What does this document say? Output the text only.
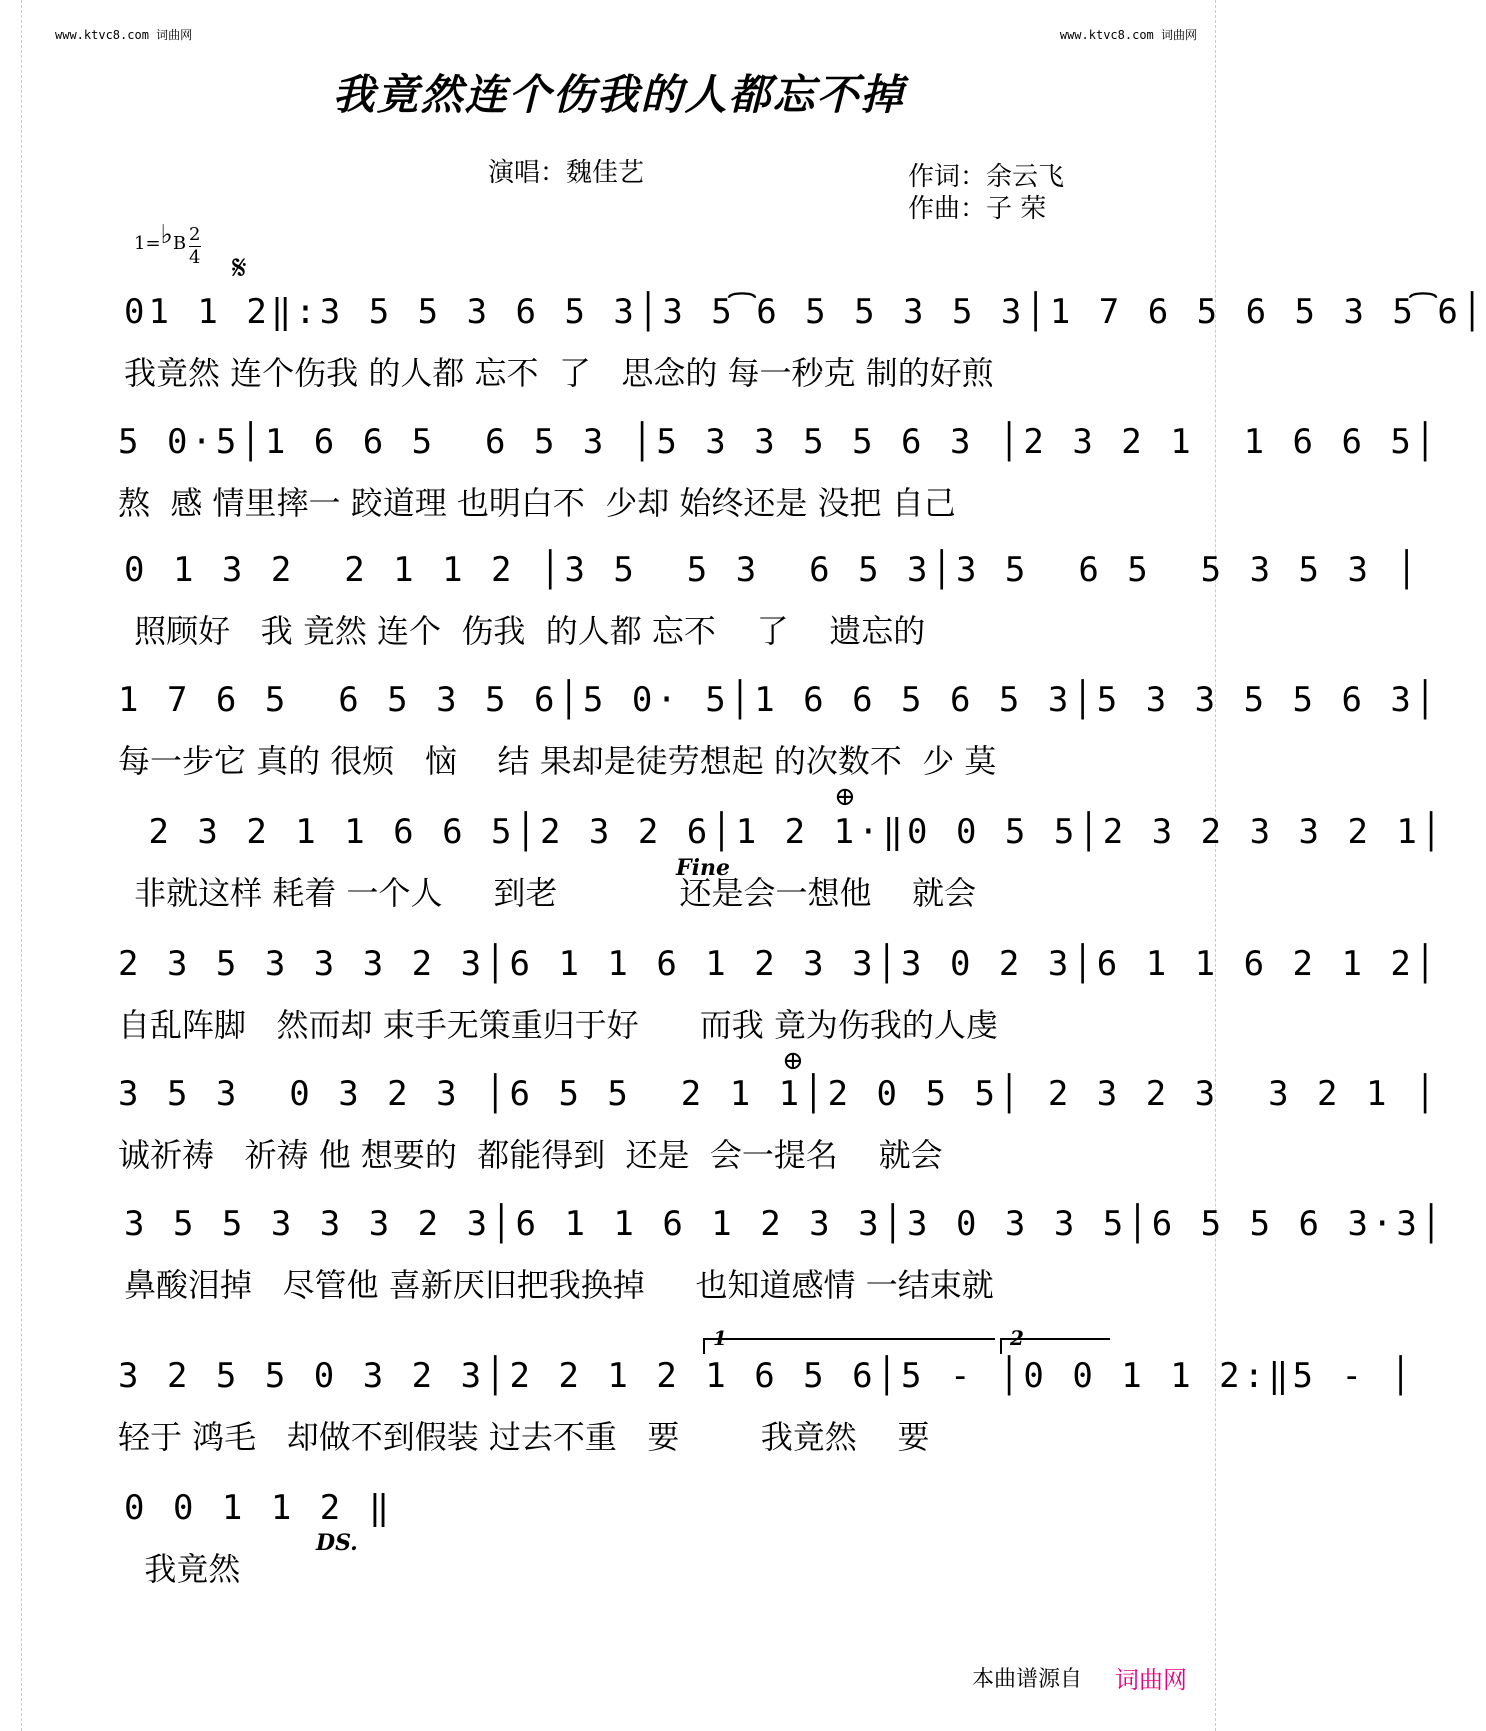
www.ktvc8.com 词曲网	www.ktvc8.com 词曲网
我竟然连个伤我的人都忘不掉
演唱：魏佳艺	作词：余云飞
作曲：子 荣
1=♭B $\frac{2}{4}$ 𝄋
⊕
⊕
Fine
DS.
1	2
01 1 2‖:3 5 5 3 6 5 3│3 5͡6 5 5 3 5 3│1 7 6 5 6 5 3 5͡6│
我竟然 连个伤我 的人都 忘不  了   思念的 每一秒克 制的好煎
5 0·5│1 6 6 5  6 5 3 │5 3 3 5 5 6 3 │2 3 2 1  1 6 6 5│
熬  感 情里摔一 跤道理 也明白不  少却 始终还是 没把 自己
0 1 3 2  2 1 1 2 │3 5  5 3  6 5 3│3 5  6 5  5 3 5 3 │
照顾好   我 竟然 连个  伤我  的人都 忘不    了    遗忘的
1 7 6 5  6 5 3 5 6│5 0· 5│1 6 6 5 6 5 3│5 3 3 5 5 6 3│
每一步它 真的 很烦   恼    结 果却是徒劳想起 的次数不  少 莫
2 3 2 1 1 6 6 5│2 3 2 6│1 2 1·‖0 0 5 5│2 3 2 3 3 2 1│
非就这样 耗着 一个人     到老            还是会一想他    就会
2 3 5 3 3 3 2 3│6 1 1 6 1 2 3 3│3 0 2 3│6 1 1 6 2 1 2│
自乱阵脚   然而却 束手无策重归于好      而我 竟为伤我的人虔
3 5 3  0 3 2 3 │6 5 5  2 1 1│2 0 5 5│ 2 3 2 3  3 2 1 │
诚祈祷   祈祷 他 想要的  都能得到  还是  会一提名    就会
3 5 5 3 3 3 2 3│6 1 1 6 1 2 3 3│3 0 3 3 5│6 5 5 6 3·3│
鼻酸泪掉   尽管他 喜新厌旧把我换掉     也知道感情 一结束就
3 2 5 5 0 3 2 3│2 2 1 2 1 6 5 6│5 - │0 0 1 1 2:‖5 - │
轻于 鸿毛   却做不到假装 过去不重   要        我竟然    要
0 0 1 1 2 ‖
我竟然
本曲谱源自 词曲网
